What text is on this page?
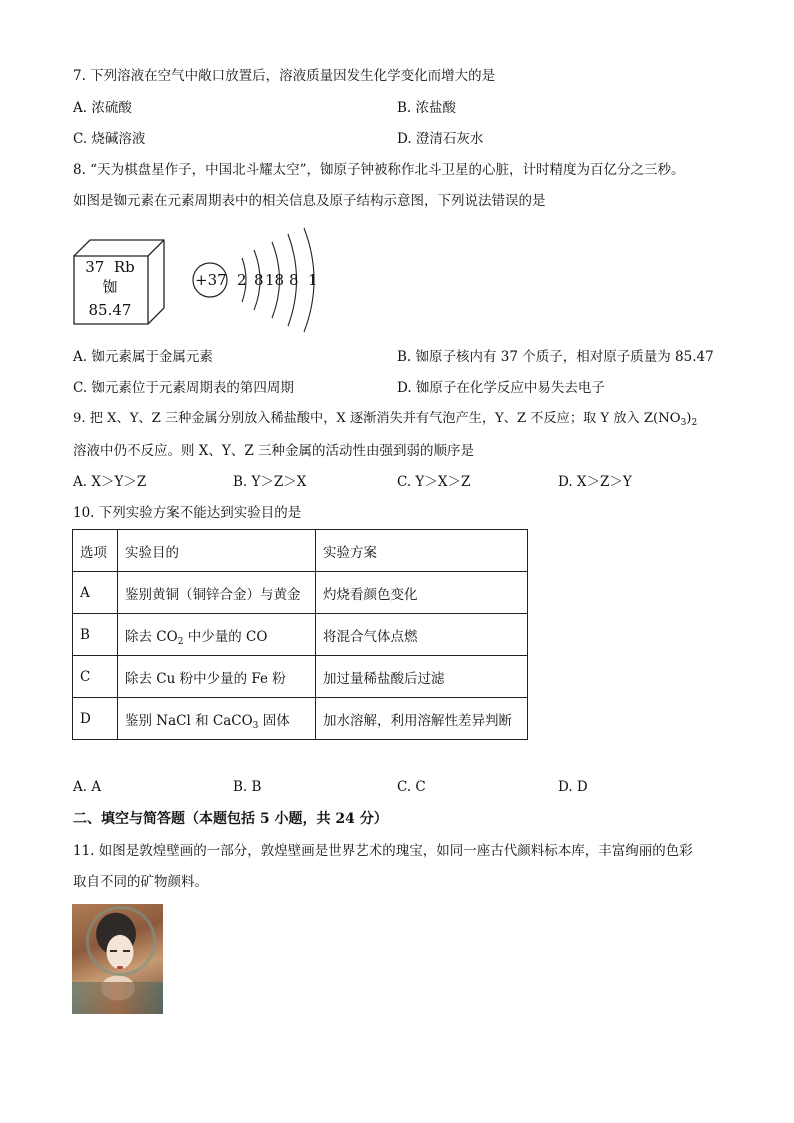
7. 下列溶液在空气中敞口放置后，溶液质量因发生化学变化而增大的是
A. 浓硫酸	B. 浓盐酸
C. 烧碱溶液	D. 澄清石灰水
8. “天为棋盘星作子，中国北斗耀太空”，铷原子钟被称作北斗卫星的心脏，计时精度为百亿分之三秒。
如图是铷元素在元素周期表中的相关信息及原子结构示意图，下列说法错误的是
37 Rb
铷
85.47
+37 2 8 18 8 1
A. 铷元素属于金属元素	B. 铷原子核内有 37 个质子，相对原子质量为 85.47
C. 铷元素位于元素周期表的第四周期	D. 铷原子在化学反应中易失去电子
9. 把 X、Y、Z 三种金属分别放入稀盐酸中，X 逐渐消失并有气泡产生，Y、Z 不反应；取 Y 放入 $Z(NO_3)_2$
溶液中仍不反应。则 X、Y、Z 三种金属的活动性由强到弱的顺序是
A. X＞Y＞Z	B. Y＞Z＞X	C. Y＞X＞Z	D. X＞Z＞Y
10. 下列实验方案不能达到实验目的是
选项	实验目的	实验方案
A	鉴别黄铜（铜锌合金）与黄金	灼烧看颜色变化
B	除去 $CO_2$ 中少量的 CO	将混合气体点燃
C	除去 Cu 粉中少量的 Fe 粉	加过量稀盐酸后过滤
D	鉴别 NaCl 和 CaCO$_3$ 固体	加水溶解，利用溶解性差异判断
A. A	B. B	C. C	D. D
二、填空与简答题（本题包括 5 小题，共 24 分）
11. 如图是敦煌壁画的一部分，敦煌壁画是世界艺术的瑰宝，如同一座古代颜料标本库，丰富绚丽的色彩
取自不同的矿物颜料。
